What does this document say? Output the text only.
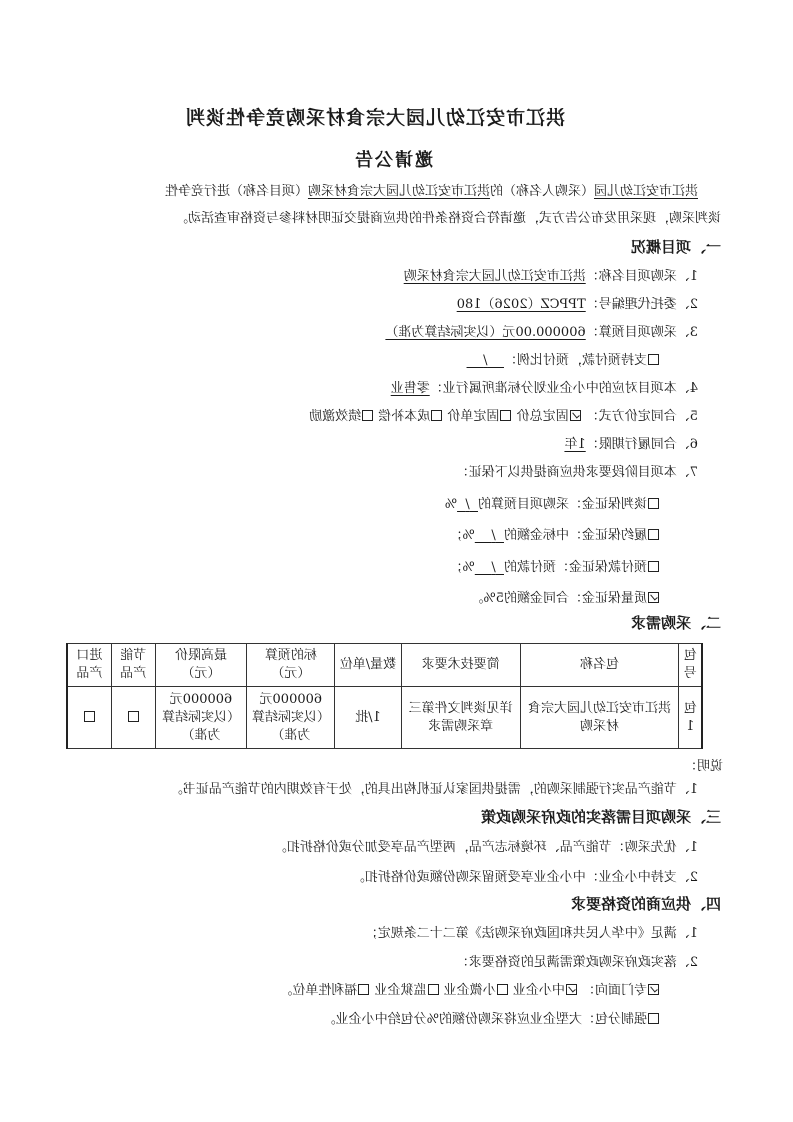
洪江市安江幼儿园大宗食材采购竞争性谈判
邀请公告
洪江市安江幼儿园（采购人名称）的洪江市安江幼儿园大宗食材采购（项目名称）进行竞争性
谈判采购，现采用发布公告方式，邀请符合资格条件的供应商提交证明材料参与资格审查活动。
一、项目概况
1、采购项目名称：洪江市安江幼儿园大宗食材采购
2、委托代理编号：TPPCZ（2026）180
3、采购项目预算：600000.00元（以实际结算为准）
支持预付款，预付比例：    /
4、本项目对应的中小企业划分标准所属行业：零售业
5、合同定价方式： 固定总价 固定单价 成本补偿 绩效激励
6、合同履行期限：1年
7、本项目阶段要求供应商提供以下保证：
谈判保证金：采购项目预算的  /  %
履约保证金：中标金额的  /    %；
预付款保证金：预付款的  /    %；
质量保证金：合同金额的5%。
二、采购需求
包号	包名称	简要技术要求	数量/单位	标的预算（元）	最高限价（元）	节能产品	进口产品
包1	洪江市安江幼儿园大宗食材采购	详见谈判文件第三章采购需求	1/批	600000元（以实际结算为准）	600000元（以实际结算为准）		
说明：
1、节能产品实行强制采购的，需提供国家认证机构出具的，处于有效期内的节能产品证书。
三、采购项目需落实的政府采购政策
1、优先采购：节能产品、环境标志产品，两型产品享受加分或价格折扣。
2、支持中小企业：中小企业享受预留采购份额或价格折扣。
四、供应商的资格要求
1、满足《中华人民共和国政府采购法》第二十二条规定；
2、落实政府采购政策需满足的资格要求：
专门面向： 中小企业 小微企业 监狱企业 福利性单位。
强制分包：大型企业应将采购份额的%分包给中小企业。
